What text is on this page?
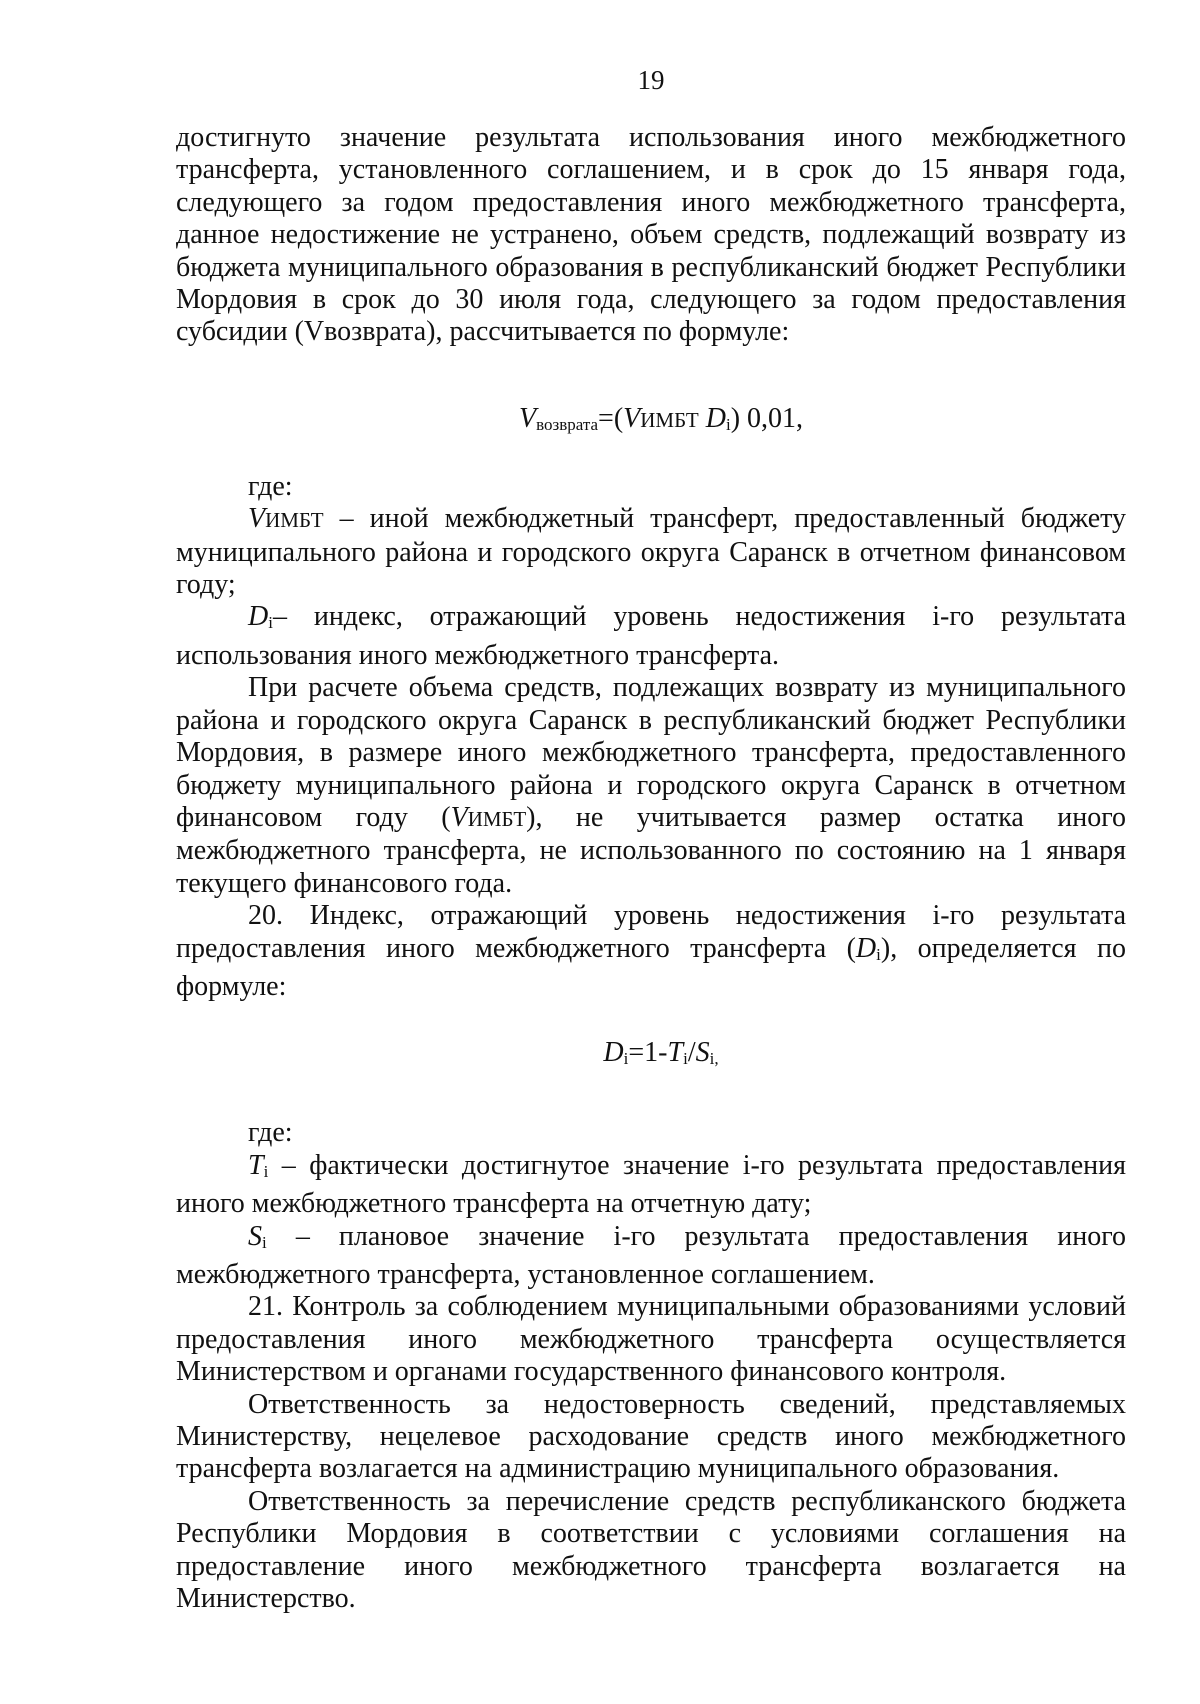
19

достигнуто значение результата использования иного межбюджетного трансферта, установленного соглашением, и в срок до 15 января года, следующего за годом предоставления иного межбюджетного трансферта, данное недостижение не устранено, объем средств, подлежащий возврату из бюджета муниципального образования в республиканский бюджет Республики Мордовия в срок до 30 июля года, следующего за годом предоставления субсидии (Vвозврата), рассчитывается по формуле:

Vвозврата=(VИМБТ Di) 0,01,

где:

VИМБТ – иной межбюджетный трансферт, предоставленный бюджету муниципального района и городского округа Саранск в отчетном финансовом году;

Di– индекс, отражающий уровень недостижения i-го результата использования иного межбюджетного трансферта.

При расчете объема средств, подлежащих возврату из муниципального района и городского округа Саранск в республиканский бюджет Республики Мордовия, в размере иного межбюджетного трансферта, предоставленного бюджету муниципального района и городского округа Саранск в отчетном финансовом году (VИМБТ), не учитывается размер остатка иного межбюджетного трансферта, не использованного по состоянию на 1 января текущего финансового года.

20. Индекс, отражающий уровень недостижения i-го результата предоставления иного межбюджетного трансферта (Di), определяется по формуле:

Di=1-Ti/Si,

где:

Ti – фактически достигнутое значение i-го результата предоставления иного межбюджетного трансферта на отчетную дату;

Si – плановое значение i-го результата предоставления иного межбюджетного трансферта, установленное соглашением.

21. Контроль за соблюдением муниципальными образованиями условий предоставления иного межбюджетного трансферта осуществляется Министерством и органами государственного финансового контроля.

Ответственность за недостоверность сведений, представляемых Министерству, нецелевое расходование средств иного межбюджетного трансферта возлагается на администрацию муниципального образования.

Ответственность за перечисление средств республиканского бюджета Республики Мордовия в соответствии с условиями соглашения на предоставление иного межбюджетного трансферта возлагается на Министерство.
